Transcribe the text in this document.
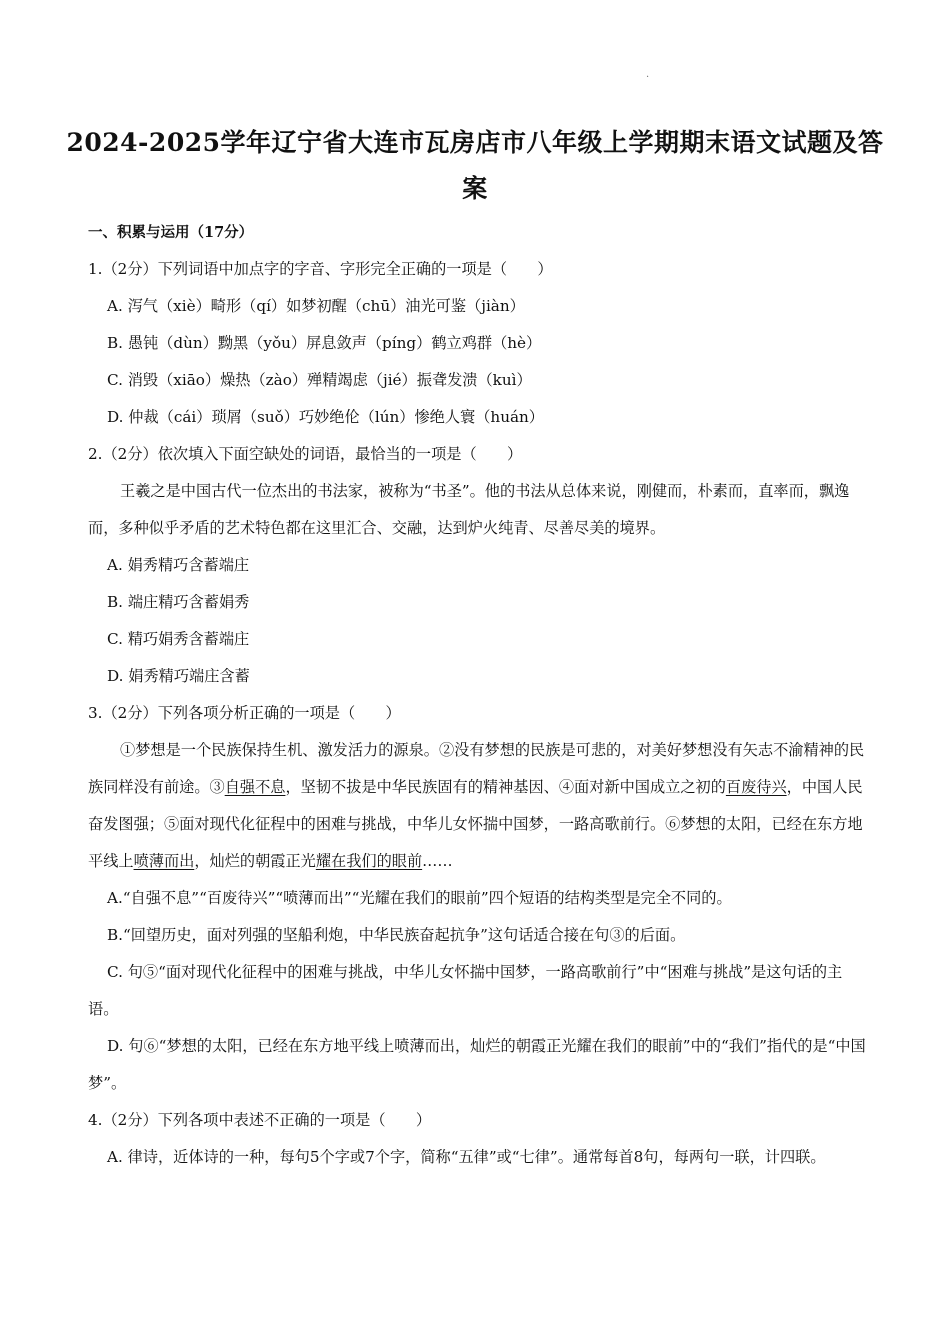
·
2024-2025学年辽宁省大连市瓦房店市八年级上学期期末语文试题及答案

一、积累与运用（17分）

1.（2分）下列词语中加点字的字音、字形完全正确的一项是（　　）

A. 泻气（xiè）畸形（qí）如梦初醒（chū）油光可鉴（jiàn）

B. 愚钝（dùn）黝黑（yǒu）屏息敛声（píng）鹤立鸡群（hè）

C. 消毁（xiāo）燥热（zào）殚精竭虑（jié）振聋发溃（kuì）

D. 仲裁（cái）琐屑（suǒ）巧妙绝伦（lún）惨绝人寰（huán）

2.（2分）依次填入下面空缺处的词语，最恰当的一项是（　　）

王羲之是中国古代一位杰出的书法家，被称为“书圣”。他的书法从总体来说，刚健而，朴素而，直率而，飘逸而，多种似乎矛盾的艺术特色都在这里汇合、交融，达到炉火纯青、尽善尽美的境界。

A. 娟秀精巧含蓄端庄

B. 端庄精巧含蓄娟秀

C. 精巧娟秀含蓄端庄

D. 娟秀精巧端庄含蓄

3.（2分）下列各项分析正确的一项是（　　）

①梦想是一个民族保持生机、激发活力的源泉。②没有梦想的民族是可悲的，对美好梦想没有矢志不渝精神的民族同样没有前途。③自强不息，坚韧不拔是中华民族固有的精神基因、④面对新中国成立之初的百废待兴，中国人民奋发图强；⑤面对现代化征程中的困难与挑战，中华儿女怀揣中国梦，一路高歌前行。⑥梦想的太阳，已经在东方地平线上喷薄而出，灿烂的朝霞正光耀在我们的眼前……

A.“自强不息”“百废待兴”“喷薄而出”“光耀在我们的眼前”四个短语的结构类型是完全不同的。

B.“回望历史，面对列强的坚船利炮，中华民族奋起抗争”这句话适合接在句③的后面。

C. 句⑤“面对现代化征程中的困难与挑战，中华儿女怀揣中国梦，一路高歌前行”中“困难与挑战”是这句话的主语。

D. 句⑥“梦想的太阳，已经在东方地平线上喷薄而出，灿烂的朝霞正光耀在我们的眼前”中的“我们”指代的是“中国梦”。

4.（2分）下列各项中表述不正确的一项是（　　）

A. 律诗，近体诗的一种，每句5个字或7个字，简称“五律”或“七律”。通常每首8句，每两句一联，计四联。
